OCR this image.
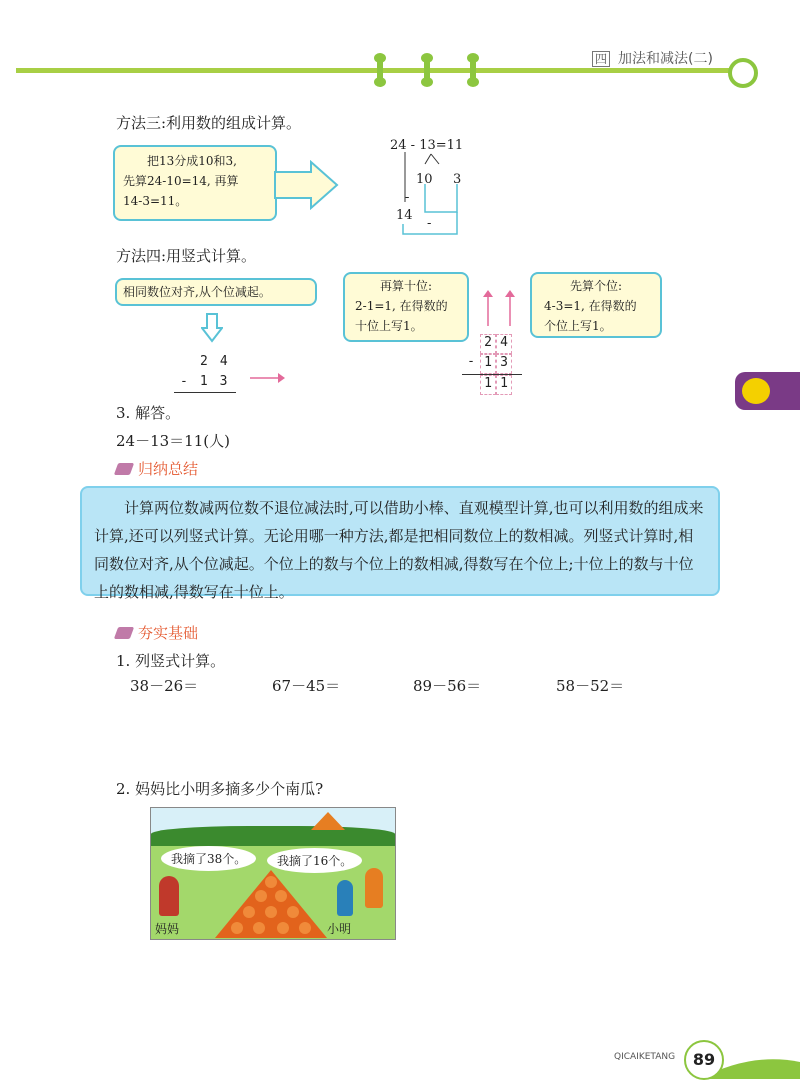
四 加法和减法(二)
方法三:利用数的组成计算。
把13分成10和3,
先算24-10=14, 再算
14-3=11。
24 - 13=11
10 3
-
14
-
方法四:用竖式计算。
相同数位对齐,从个位减起。
2 4
- 1 3
再算十位:
2-1=1, 在得数的
十位上写1。
先算个位:
4-3=1, 在得数的
个位上写1。
2 4
- 1 3
1 1
3. 解答。
24－13＝11(人)
归纳总结
计算两位数减两位数不退位减法时,可以借助小棒、直观模型计算,也可以利用数的组成来计算,还可以列竖式计算。无论用哪一种方法,都是把相同数位上的数相减。列竖式计算时,相同数位对齐,从个位减起。个位上的数与个位上的数相减,得数写在个位上;十位上的数与十位上的数相减,得数写在十位上。
夯实基础
1. 列竖式计算。
38－26＝	67－45＝	89－56＝	58－52＝
2. 妈妈比小明多摘多少个南瓜?
我摘了38个。	我摘了16个。
妈妈	小明
QICAIKETANG	89
